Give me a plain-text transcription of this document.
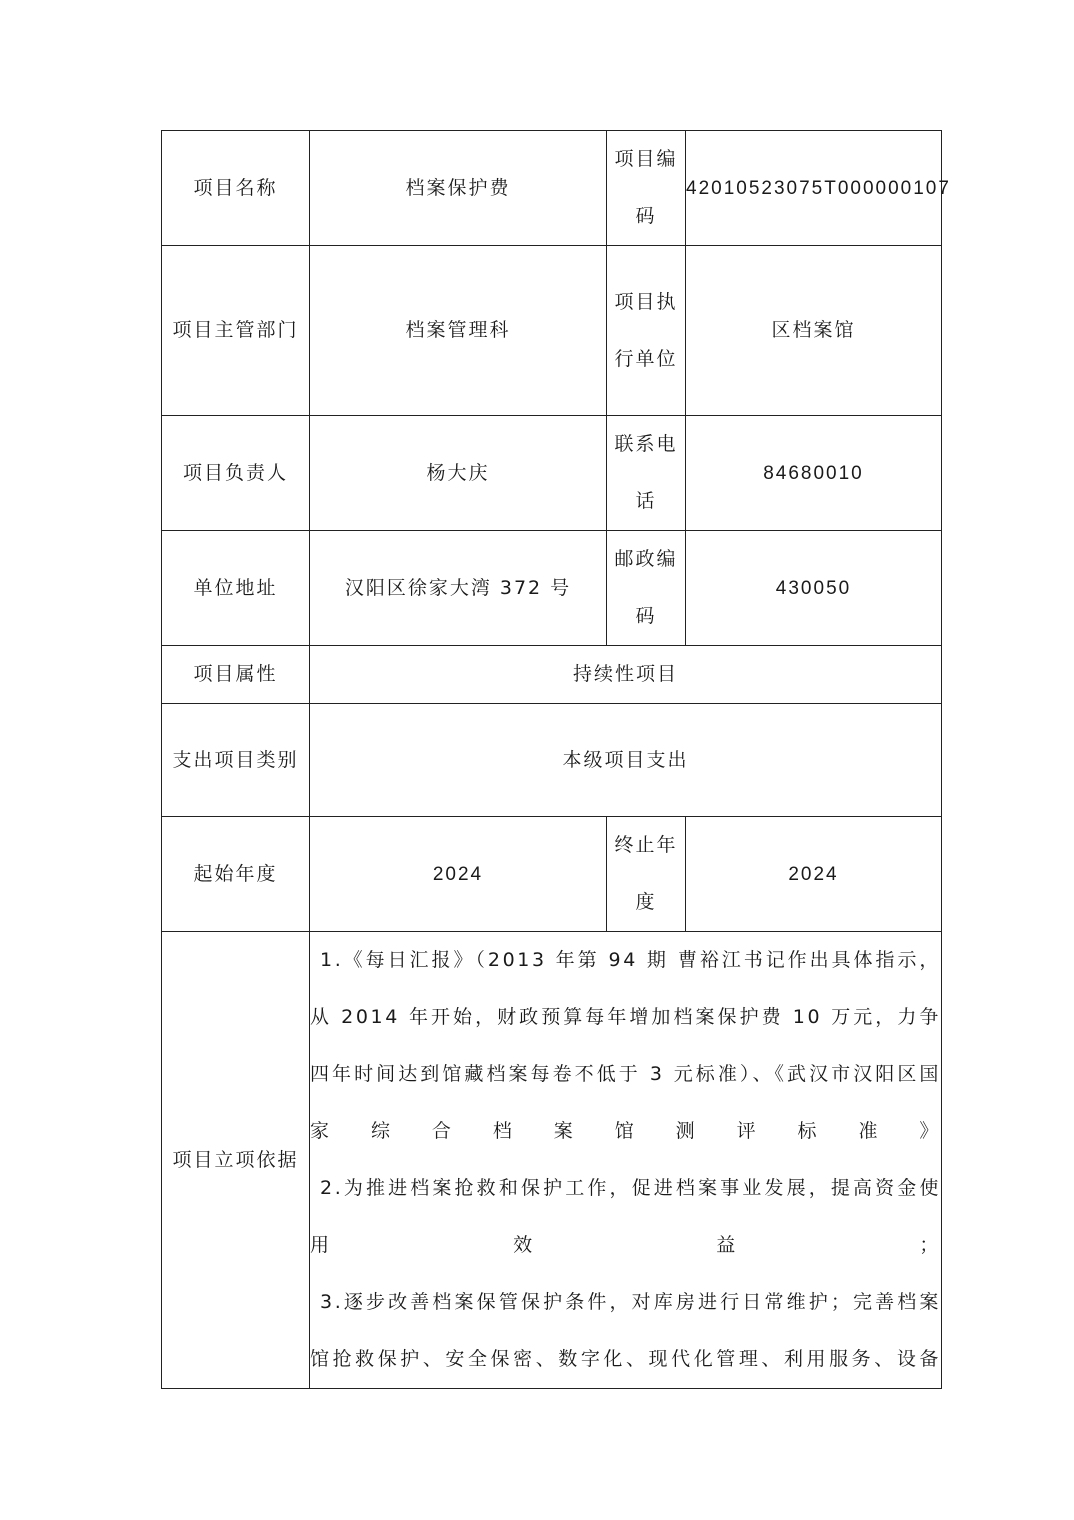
项目名称	档案保护费	项目编码	42010523075T000000107
项目主管部门	档案管理科	项目执行单位	区档案馆
项目负责人	杨大庆	联系电话	84680010
单位地址	汉阳区徐家大湾 372 号	邮政编码	430050
项目属性	持续性项目		
支出项目类别	本级项目支出		
起始年度	2024	终止年度	2024
项目立项依据	1.《每日汇报》（2013 年第 94 期 曹裕江书记作出具体指示，从 2014 年开始，财政预算每年增加档案保护费 10 万元，力争四年时间达到馆藏档案每卷不低于 3 元标准）、《武汉市汉阳区国家综合档案馆测评标准》
2.为推进档案抢救和保护工作，促进档案事业发展，提高资金使用效益；
3.逐步改善档案保管保护条件，对库房进行日常维护；完善档案馆抢救保护、安全保密、数字化、现代化管理、利用服务、设备		
